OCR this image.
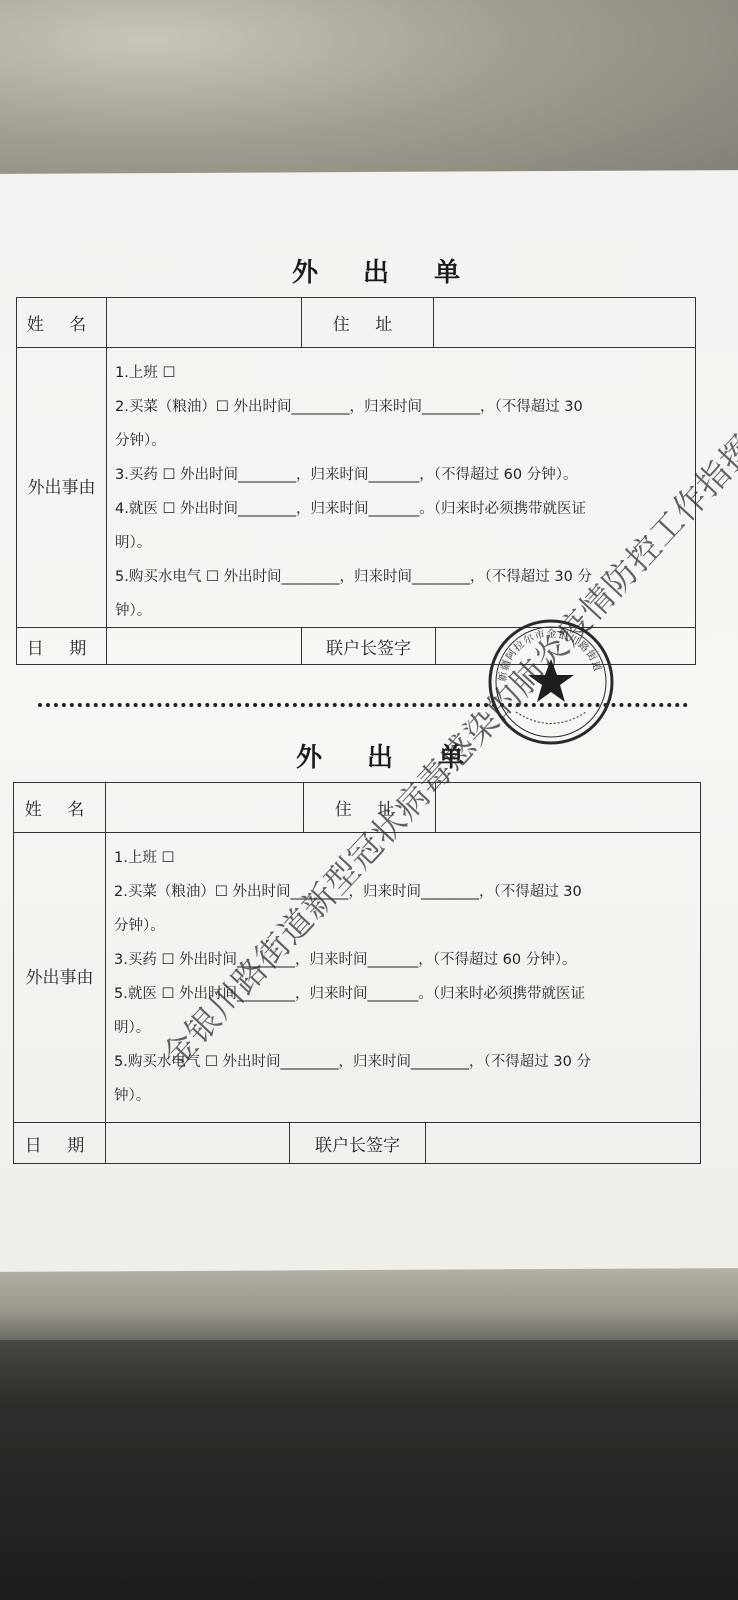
外 出 单
姓 名	住 址
外出事由
1.上班 ☐
2.买菜（粮油）☐ 外出时间________，归来时间________，（不得超过 30
分钟）。
3.买药 ☐ 外出时间________，归来时间_______，（不得超过 60 分钟）。
4.就医 ☐ 外出时间________，归来时间_______。（归来时必须携带就医证
明）。
5.购买水电气 ☐ 外出时间________，归来时间________，（不得超过 30 分
钟）。
日 期	联户长签字
外 出 单
姓 名	住 址
外出事由
1.上班 ☐
2.买菜（粮油）☐ 外出时间________，归来时间________，（不得超过 30
分钟）。
3.买药 ☐ 外出时间________，归来时间_______，（不得超过 60 分钟）。
5.就医 ☐ 外出时间________，归来时间_______。（归来时必须携带就医证
明）。
5.购买水电气 ☐ 外出时间________，归来时间________，（不得超过 30 分
钟）。
日 期	联户长签字
新疆阿拉尔市金银川路街道
